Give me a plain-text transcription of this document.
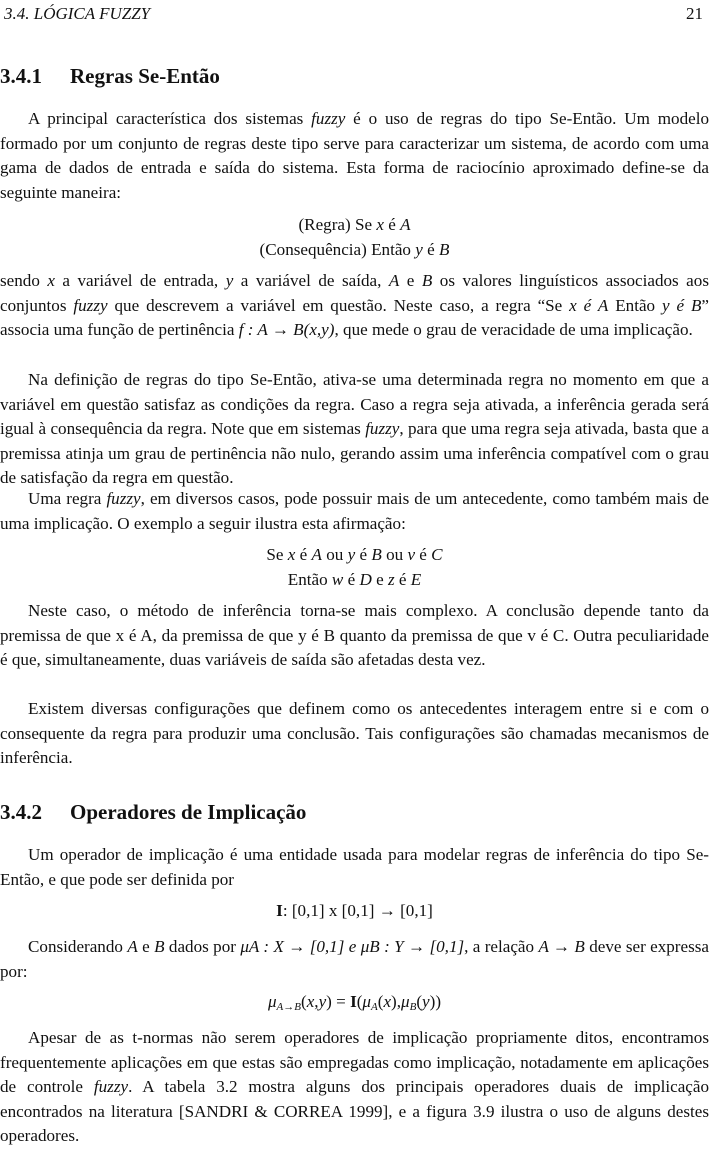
3.4. LÓGICA FUZZY	21
3.4.1 Regras Se-Então

A principal característica dos sistemas fuzzy é o uso de regras do tipo Se-Então. Um modelo formado por um conjunto de regras deste tipo serve para caracterizar um sistema, de acordo com uma gama de dados de entrada e saída do sistema. Esta forma de raciocínio aproximado define-se da seguinte maneira:

(Regra) Se x é A

(Consequência) Então y é B

sendo x a variável de entrada, y a variável de saída, A e B os valores linguísticos associados aos conjuntos fuzzy que descrevem a variável em questão. Neste caso, a regra “Se x é A Então y é B” associa uma função de pertinência f : A → B(x,y), que mede o grau de veracidade de uma implicação.

Na definição de regras do tipo Se-Então, ativa-se uma determinada regra no momento em que a variável em questão satisfaz as condições da regra. Caso a regra seja ativada, a inferência gerada será igual à consequência da regra. Note que em sistemas fuzzy, para que uma regra seja ativada, basta que a premissa atinja um grau de pertinência não nulo, gerando assim uma inferência compatível com o grau de satisfação da regra em questão.

Uma regra fuzzy, em diversos casos, pode possuir mais de um antecedente, como também mais de uma implicação. O exemplo a seguir ilustra esta afirmação:

Se x é A ou y é B ou v é C

Então w é D e z é E

Neste caso, o método de inferência torna-se mais complexo. A conclusão depende tanto da premissa de que x é A, da premissa de que y é B quanto da premissa de que v é C. Outra peculiaridade é que, simultaneamente, duas variáveis de saída são afetadas desta vez.

Existem diversas configurações que definem como os antecedentes interagem entre si e com o consequente da regra para produzir uma conclusão. Tais configurações são chamadas mecanismos de inferência.

3.4.2 Operadores de Implicação

Um operador de implicação é uma entidade usada para modelar regras de inferência do tipo Se-Então, e que pode ser definida por

I: [0,1] x [0,1] → [0,1]

Considerando A e B dados por μA : X → [0,1] e μB : Y → [0,1], a relação A → B deve ser expressa por:

$\mu_{A\to B}(x,y) = I(\mu_A(x),\mu_B(y))$

Apesar de as t-normas não serem operadores de implicação propriamente ditos, encontramos frequentemente aplicações em que estas são empregadas como implicação, notadamente em aplicações de controle fuzzy. A tabela 3.2 mostra alguns dos principais operadores duais de implicação encontrados na literatura [SANDRI & CORREA 1999], e a figura 3.9 ilustra o uso de alguns destes operadores.
